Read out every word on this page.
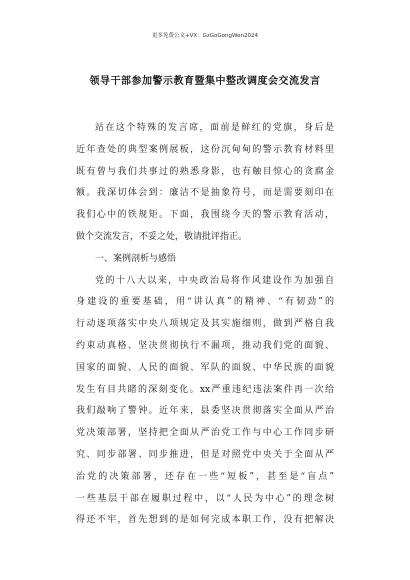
更多免费公文+VX：GzGoGongWen2024
领导干部参加警示教育暨集中整改调度会交流发言
站在这个特殊的发言席，面前是鲜红的党旗，身后是
近年查处的典型案例展板，这份沉甸甸的警示教育材料里
既有曾与我们共事过的熟悉身影，也有触目惊心的贪腐金
额。我深切体会到：廉洁不是抽象符号，而是需要刻印在
我们心中的铁规矩。下面，我围绕今天的警示教育活动，
做个交流发言，不妥之处，敬请批评指正。
一、案例剖析与感悟
党的十八大以来，中央政治局将作风建设作为加强自
身建设的重要基础，用“讲认真”的精神、“有韧劲”的
行动逐项落实中央八项规定及其实施细则，做到严格自我
约束动真格、坚决贯彻执行不漏项，推动我们党的面貌、
国家的面貌、人民的面貌、军队的面貌、中华民族的面貌
发生有目共睹的深刻变化。xx严重违纪违法案件再一次给
我们敲响了警钟。近年来，县委坚决贯彻落实全面从严治
党决策部署，坚持把全面从严治党工作与中心工作同步研
究、同步部署、同步推进，但是对照党中央关于全面从严
治党的决策部署，还存在一些“短板”，甚至是“盲点”
一些基层干部在履职过程中，以“人民为中心”的理念树
得还不牢，首先想到的是如何完成本职工作，没有把解决
